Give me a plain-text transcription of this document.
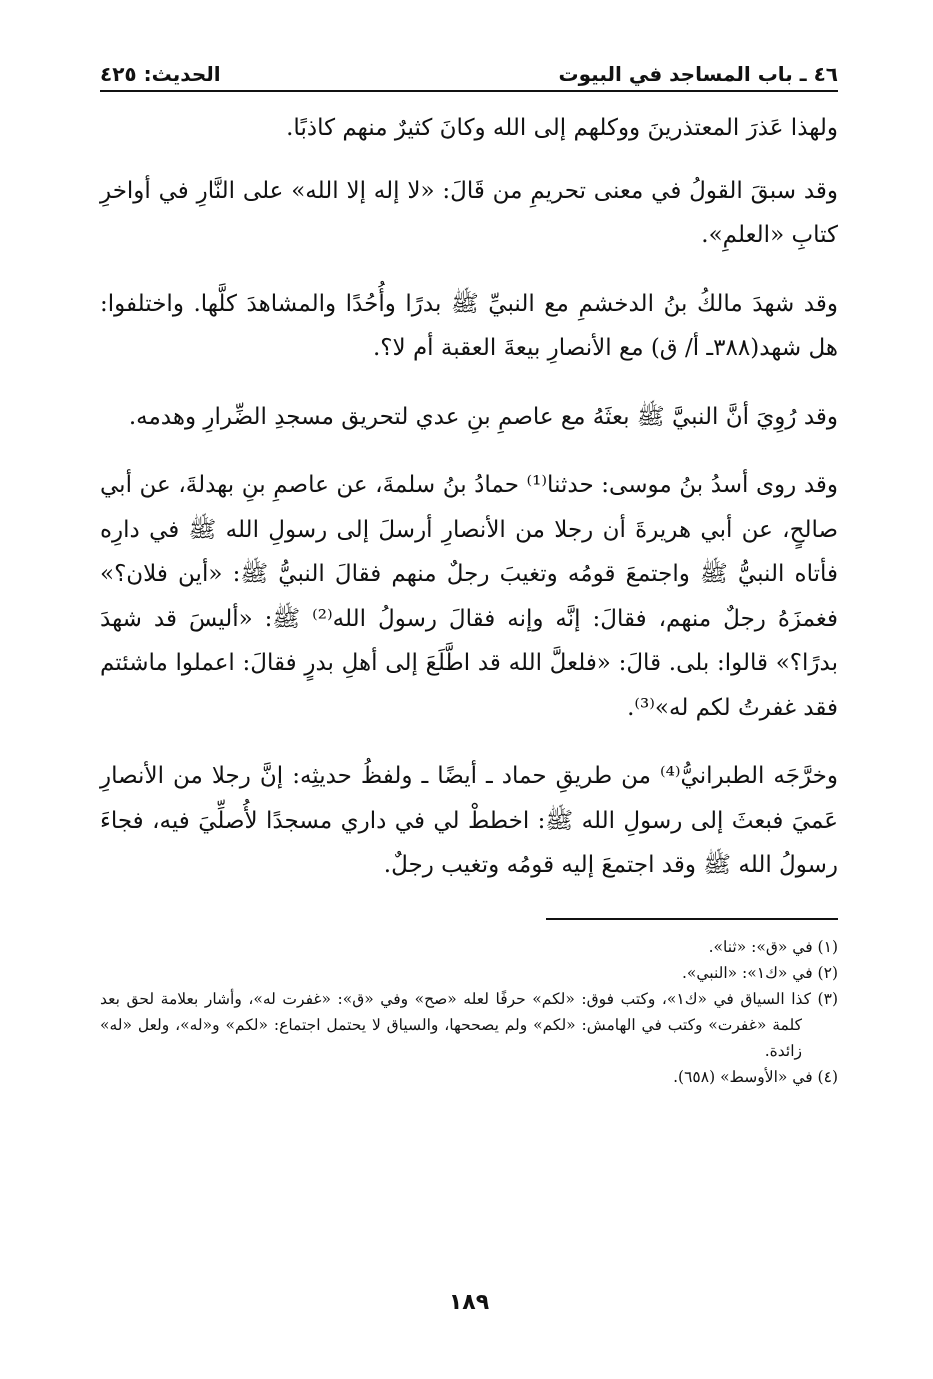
٤٦ ـ باب المساجد في البيوت
الحديث: ٤٢٥

ولهذا عَذرَ المعتذرينَ ووكلهم إلى الله وكانَ كثيرٌ منهم كاذبًا.

وقد سبقَ القولُ في معنى تحريمِ من قَالَ: «لا إله إلا الله» على النَّارِ في أواخرِ كتابِ «العلمِ».

وقد شهدَ مالكُ بنُ الدخشمِ مع النبيِّ ﷺ بدرًا وأُحُدًا والمشاهدَ كلَّها. واختلفوا: هل شهد(٣٨٨ـ أ/ ق) مع الأنصارِ بيعةَ العقبة أم لا؟.

وقد رُوِيَ أنَّ النبيَّ ﷺ بعثَهُ مع عاصمِ بنِ عدي لتحريق مسجدِ الضِّرارِ وهدمه.

وقد روى أسدُ بنُ موسى: حدثنا⁽¹⁾ حمادُ بنُ سلمةَ، عن عاصمِ بنِ بهدلةَ، عن أبي صالحٍ، عن أبي هريرةَ أن رجلا من الأنصارِ أرسلَ إلى رسولِ الله ﷺ في دارِه فأتاه النبيُّ ﷺ واجتمعَ قومُه وتغيبَ رجلٌ منهم فقالَ النبيُّ ﷺ: «أين فلان؟» فغمزَهُ رجلٌ منهم، فقالَ: إنَّه وإنه فقالَ رسولُ الله⁽²⁾ ﷺ: «أليسَ قد شهدَ بدرًا؟» قالوا: بلى. قالَ: «فلعلَّ الله قد اطَّلَعَ إلى أهلِ بدرٍ فقالَ: اعملوا ماشئتم فقد غفرتُ لكم له»⁽³⁾.

وخرَّجَه الطبرانيُّ⁽⁴⁾ من طريقِ حماد ـ أيضًا ـ ولفظُ حديثِه: إنَّ رجلا من الأنصارِ عَميَ فبعثَ إلى رسولِ الله ﷺ: اخططْ لي في داري مسجدًا لأُصلِّيَ فيه، فجاءَ رسولُ الله ﷺ وقد اجتمعَ إليه قومُه وتغيب رجلٌ.

(١) في «ق»: «ثنا».

(٢) في «ك١»: «النبي».

(٣) كذا السياق في «ك١»، وكتب فوق: «لكم» حرفًا لعله «صح» وفي «ق»: «غفرت له»، وأشار بعلامة لحق بعد كلمة «غفرت» وكتب في الهامش: «لكم» ولم يصححها، والسياق لا يحتمل اجتماع: «لكم» و«له»، ولعل «له» زائدة.

(٤) في «الأوسط» (٦٥٨).

١٨٩
